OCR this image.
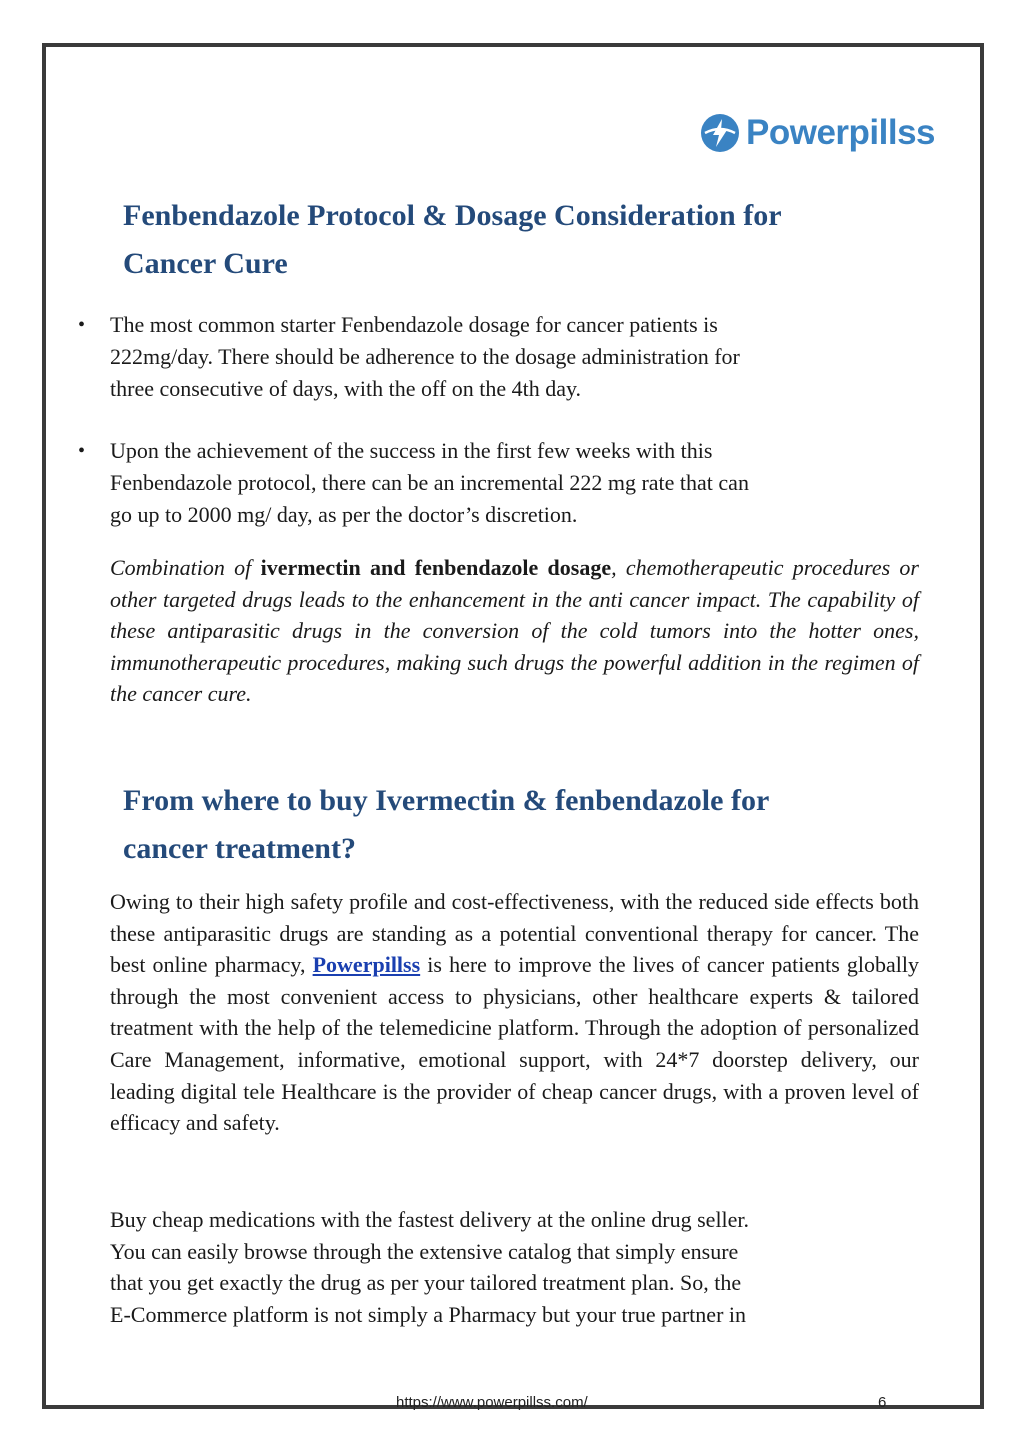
Powerpillss
Fenbendazole Protocol & Dosage Consideration for
Cancer Cure
• The most common starter Fenbendazole dosage for cancer patients is
222mg/day. There should be adherence to the dosage administration for
three consecutive of days, with the off on the 4th day.
• Upon the achievement of the success in the first few weeks with this
Fenbendazole protocol, there can be an incremental 222 mg rate that can
go up to 2000 mg/ day, as per the doctor’s discretion.

Combination of ivermectin and fenbendazole dosage, chemotherapeutic procedures or other targeted drugs leads to the enhancement in the anti cancer impact. The capability of these antiparasitic drugs in the conversion of the cold tumors into the hotter ones, immunotherapeutic procedures, making such drugs the powerful addition in the regimen of the cancer cure.

From where to buy Ivermectin & fenbendazole for
cancer treatment?

Owing to their high safety profile and cost-effectiveness, with the reduced side effects both these antiparasitic drugs are standing as a potential conventional therapy for cancer. The best online pharmacy, Powerpillss is here to improve the lives of cancer patients globally through the most convenient access to physicians, other healthcare experts & tailored treatment with the help of the telemedicine platform. Through the adoption of personalized Care Management, informative, emotional support, with 24*7 doorstep delivery, our leading digital tele Healthcare is the provider of cheap cancer drugs, with a proven level of efficacy and safety.

Buy cheap medications with the fastest delivery at the online drug seller.
You can easily browse through the extensive catalog that simply ensure
that you get exactly the drug as per your tailored treatment plan. So, the
E-Commerce platform is not simply a Pharmacy but your true partner in
https://www.powerpillss.com/	6
